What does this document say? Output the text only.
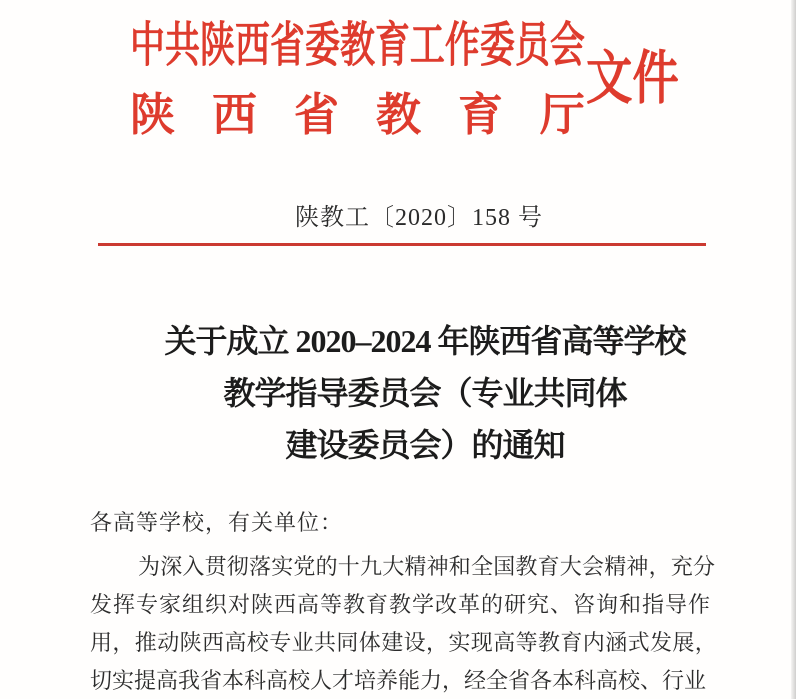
中共陕西省委教育工作委员会
陕 西 省 教 育 厅
文件
陕教工〔2020〕158 号
关于成立 2020–2024 年陕西省高等学校
教学指导委员会（专业共同体
建设委员会）的通知
各高等学校，有关单位：
为深入贯彻落实党的十九大精神和全国教育大会精神，充分
发挥专家组织对陕西高等教育教学改革的研究、咨询和指导作
用，推动陕西高校专业共同体建设，实现高等教育内涵式发展，
切实提高我省本科高校人才培养能力，经全省各本科高校、行业
